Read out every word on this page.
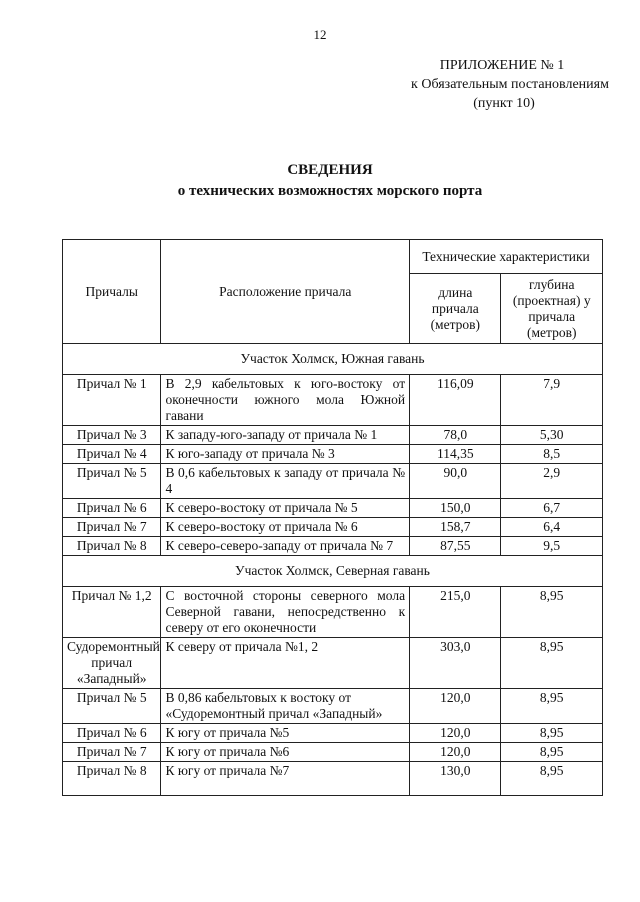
12
ПРИЛОЖЕНИЕ № 1
к Обязательным постановлениям
(пункт 10)
СВЕДЕНИЯ
о технических возможностях морского порта
Причалы	Расположение причала	Технические характеристики	
		длина причала (метров)	глубина (проектная) у причала (метров)
Участок Холмск, Южная гавань			
Причал № 1	В 2,9 кабельтовых к юго-востоку от оконечности южного мола Южной гавани	116,09	7,9
Причал № 3	К западу-юго-западу от причала № 1	78,0	5,30
Причал № 4	К юго-западу от причала № 3	114,35	8,5
Причал № 5	В 0,6 кабельтовых к западу от причала № 4	90,0	2,9
Причал № 6	К северо-востоку от причала № 5	150,0	6,7
Причал № 7	К северо-востоку от причала № 6	158,7	6,4
Причал № 8	К северо-северо-западу от причала № 7	87,55	9,5
Участок Холмск, Северная гавань			
Причал № 1,2	С восточной стороны северного мола Северной гавани, непосредственно к северу от его оконечности	215,0	8,95
Судоремонтный причал «Западный»	К северу от причала №1, 2	303,0	8,95
Причал № 5	В 0,86 кабельтовых к востоку от «Судоремонтный причал «Западный»	120,0	8,95
Причал № 6	К югу от причала №5	120,0	8,95
Причал № 7	К югу от причала №6	120,0	8,95
Причал № 8	К югу от причала №7	130,0	8,95
